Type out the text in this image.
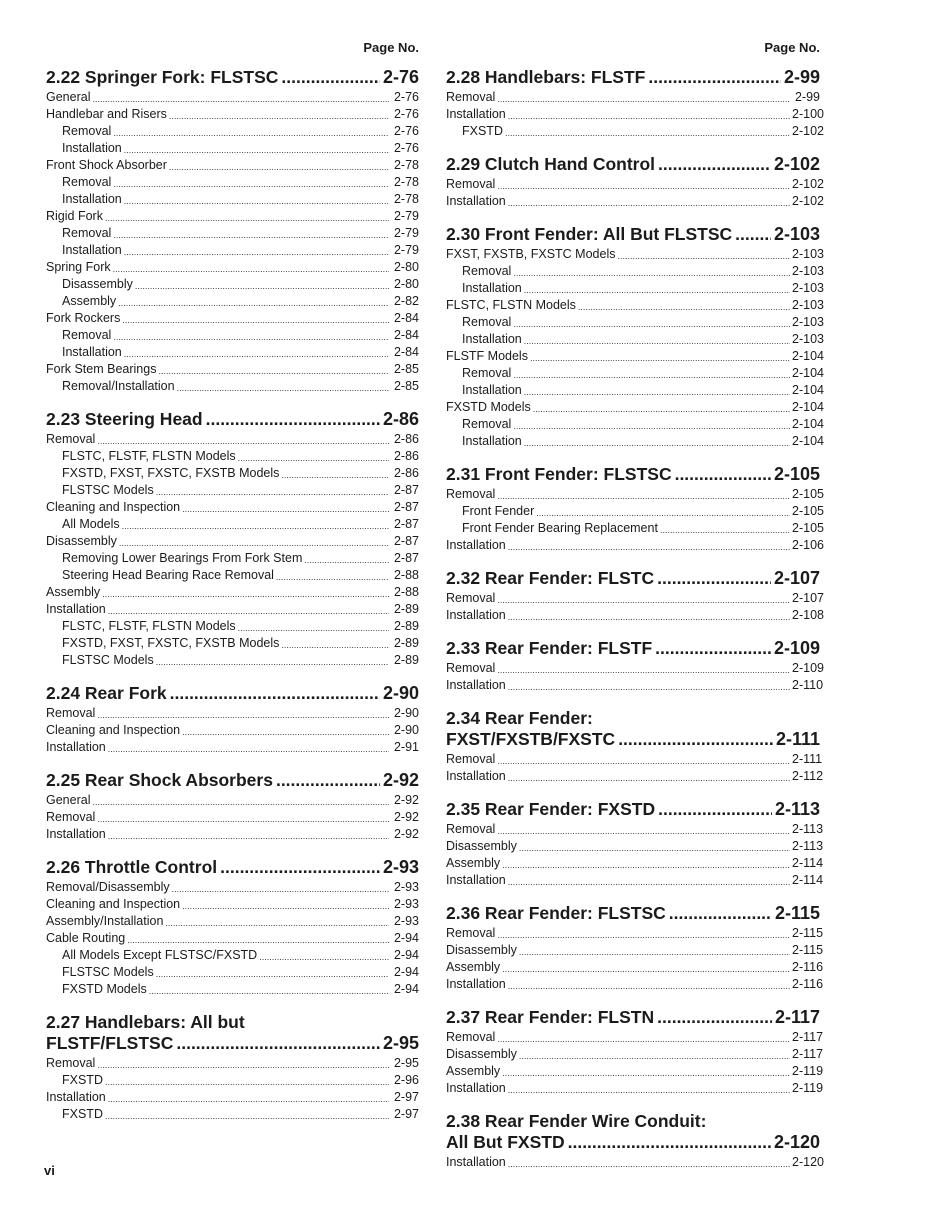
Page No.
2.22 Springer Fork: FLSTSC .....	2-76
General .....	2-76
Handlebar and Risers .....	2-76
Removal .....	2-76
Installation .....	2-76
Front Shock Absorber .....	2-78
Removal .....	2-78
Installation .....	2-78
Rigid Fork .....	2-79
Removal .....	2-79
Installation .....	2-79
Spring Fork .....	2-80
Disassembly .....	2-80
Assembly .....	2-82
Fork Rockers .....	2-84
Removal .....	2-84
Installation .....	2-84
Fork Stem Bearings .....	2-85
Removal/Installation .....	2-85
2.23 Steering Head .....	2-86
Removal .....	2-86
FLSTC, FLSTF, FLSTN Models .....	2-86
FXSTD, FXST, FXSTC, FXSTB Models .....	2-86
FLSTSC Models .....	2-87
Cleaning and Inspection .....	2-87
All Models .....	2-87
Disassembly .....	2-87
Removing Lower Bearings From Fork Stem .....	2-87
Steering Head Bearing Race Removal .....	2-88
Assembly .....	2-88
Installation .....	2-89
FLSTC, FLSTF, FLSTN Models .....	2-89
FXSTD, FXST, FXSTC, FXSTB Models .....	2-89
FLSTSC Models .....	2-89
2.24 Rear Fork .....	2-90
Removal .....	2-90
Cleaning and Inspection .....	2-90
Installation .....	2-91
2.25 Rear Shock Absorbers .....	2-92
General .....	2-92
Removal .....	2-92
Installation .....	2-92
2.26 Throttle Control .....	2-93
Removal/Disassembly .....	2-93
Cleaning and Inspection .....	2-93
Assembly/Installation .....	2-93
Cable Routing .....	2-94
All Models Except FLSTSC/FXSTD .....	2-94
FLSTSC Models .....	2-94
FXSTD Models .....	2-94
2.27 Handlebars: All but
FLSTF/FLSTSC .....	2-95
Removal .....	2-95
FXSTD .....	2-96
Installation .....	2-97
FXSTD .....	2-97
Page No.
2.28 Handlebars: FLSTF .....	2-99
Removal .....	2-99
Installation .....	2-100
FXSTD .....	2-102
2.29 Clutch Hand Control .....	2-102
Removal .....	2-102
Installation .....	2-102
2.30 Front Fender: All But FLSTSC ..... 2-103
FXST, FXSTB, FXSTC Models .....	2-103
Removal .....	2-103
Installation .....	2-103
FLSTC, FLSTN Models .....	2-103
Removal .....	2-103
Installation .....	2-103
FLSTF Models .....	2-104
Removal .....	2-104
Installation .....	2-104
FXSTD Models .....	2-104
Removal .....	2-104
Installation .....	2-104
2.31 Front Fender: FLSTSC .....	2-105
Removal .....	2-105
Front Fender .....	2-105
Front Fender Bearing Replacement .....	2-105
Installation .....	2-106
2.32 Rear Fender: FLSTC .....	2-107
Removal .....	2-107
Installation .....	2-108
2.33 Rear Fender: FLSTF .....	2-109
Removal .....	2-109
Installation .....	2-110
2.34 Rear Fender:
FXST/FXSTB/FXSTC .....	2-111
Removal .....	2-111
Installation .....	2-112
2.35 Rear Fender: FXSTD .....	2-113
Removal .....	2-113
Disassembly .....	2-113
Assembly .....	2-114
Installation .....	2-114
2.36 Rear Fender: FLSTSC .....	2-115
Removal .....	2-115
Disassembly .....	2-115
Assembly .....	2-116
Installation .....	2-116
2.37 Rear Fender: FLSTN .....	2-117
Removal .....	2-117
Disassembly .....	2-117
Assembly .....	2-119
Installation .....	2-119
2.38 Rear Fender Wire Conduit:
All But FXSTD .....	2-120
Installation .....	2-120
vi
